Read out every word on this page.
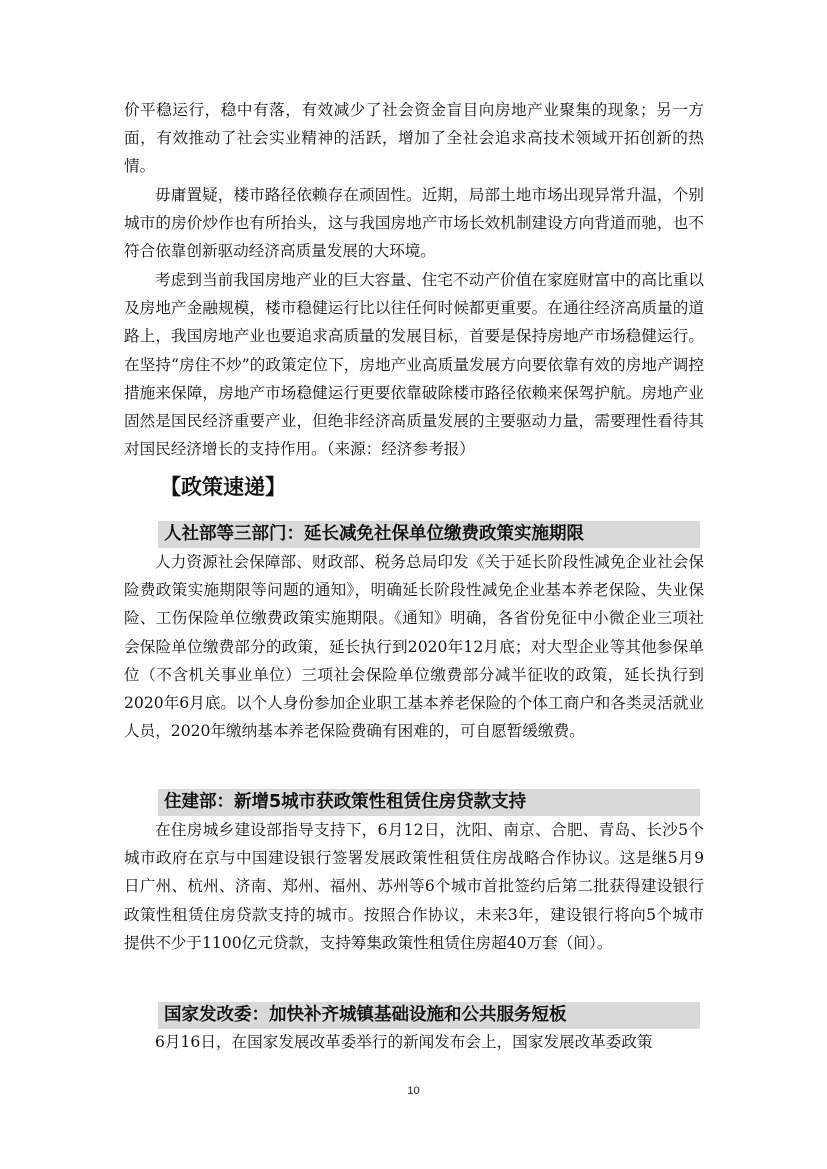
价平稳运行，稳中有落，有效减少了社会资金盲目向房地产业聚集的现象；另一方面，有效推动了社会实业精神的活跃，增加了全社会追求高技术领域开拓创新的热情。

毋庸置疑，楼市路径依赖存在顽固性。近期，局部土地市场出现异常升温，个别城市的房价炒作也有所抬头，这与我国房地产市场长效机制建设方向背道而驰，也不符合依靠创新驱动经济高质量发展的大环境。

考虑到当前我国房地产业的巨大容量、住宅不动产价值在家庭财富中的高比重以及房地产金融规模，楼市稳健运行比以往任何时候都更重要。在通往经济高质量的道路上，我国房地产业也要追求高质量的发展目标，首要是保持房地产市场稳健运行。在坚持“房住不炒”的政策定位下，房地产业高质量发展方向要依靠有效的房地产调控措施来保障，房地产市场稳健运行更要依靠破除楼市路径依赖来保驾护航。房地产业固然是国民经济重要产业，但绝非经济高质量发展的主要驱动力量，需要理性看待其对国民经济增长的支持作用。（来源：经济参考报）

【政策速递】
人社部等三部门：延长减免社保单位缴费政策实施期限

人力资源社会保障部、财政部、税务总局印发《关于延长阶段性减免企业社会保险费政策实施期限等问题的通知》，明确延长阶段性减免企业基本养老保险、失业保险、工伤保险单位缴费政策实施期限。《通知》明确，各省份免征中小微企业三项社会保险单位缴费部分的政策，延长执行到2020年12月底；对大型企业等其他参保单位（不含机关事业单位）三项社会保险单位缴费部分减半征收的政策，延长执行到2020年6月底。以个人身份参加企业职工基本养老保险的个体工商户和各类灵活就业人员，2020年缴纳基本养老保险费确有困难的，可自愿暂缓缴费。

住建部：新增5城市获政策性租赁住房贷款支持

在住房城乡建设部指导支持下，6月12日，沈阳、南京、合肥、青岛、长沙5个城市政府在京与中国建设银行签署发展政策性租赁住房战略合作协议。这是继5月9日广州、杭州、济南、郑州、福州、苏州等6个城市首批签约后第二批获得建设银行政策性租赁住房贷款支持的城市。按照合作协议，未来3年，建设银行将向5个城市提供不少于1100亿元贷款，支持筹集政策性租赁住房超40万套（间）。

国家发改委：加快补齐城镇基础设施和公共服务短板

6月16日，在国家发展改革委举行的新闻发布会上，国家发展改革委政策

10
